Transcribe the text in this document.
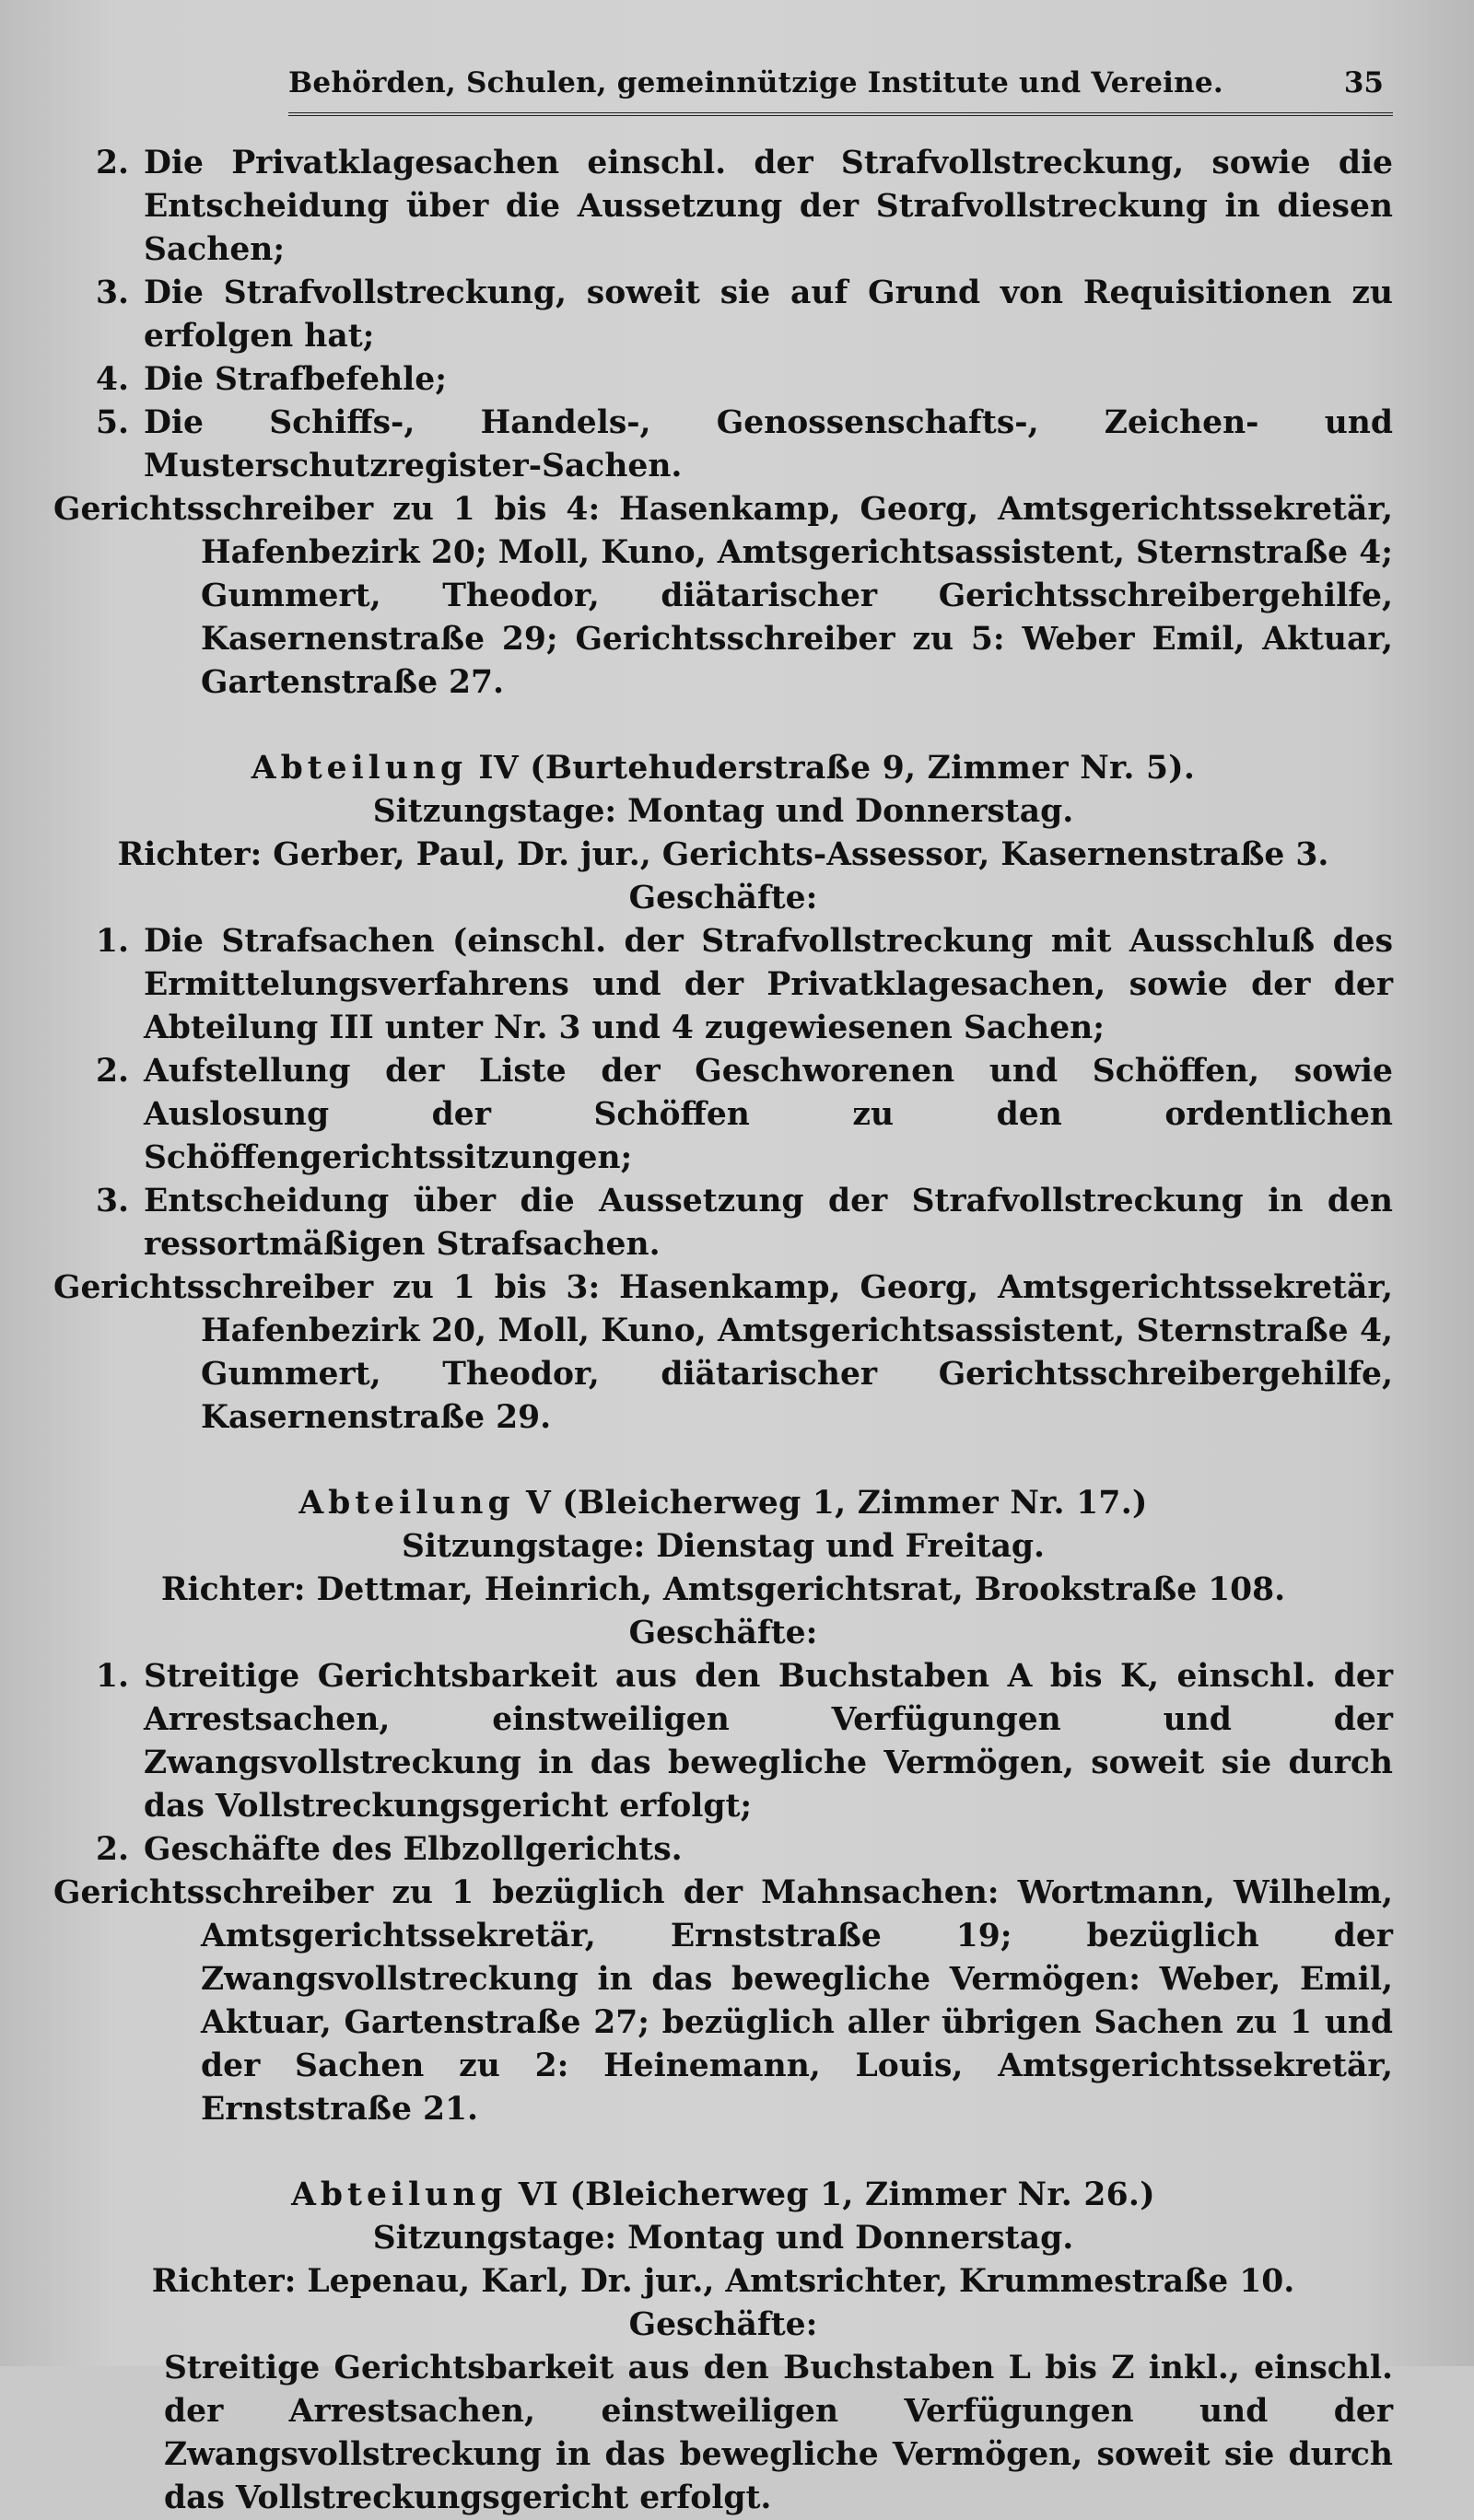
Behörden, Schulen, gemeinnützige Institute und Vereine.	35
2. Die Privatklagesachen einschl. der Strafvollstreckung, sowie die Entscheidung über die Aussetzung der Strafvollstreckung in diesen Sachen;
3. Die Strafvollstreckung, soweit sie auf Grund von Requisitionen zu erfolgen hat;
4. Die Strafbefehle;
5. Die Schiffs-, Handels-, Genossenschafts-, Zeichen- und Musterschutzregister-Sachen.
Gerichtsschreiber zu 1 bis 4: Hasenkamp, Georg, Amtsgerichtssekretär, Hafenbezirk 20; Moll, Kuno, Amtsgerichtsassistent, Sternstraße 4; Gummert, Theodor, diätarischer Gerichtsschreibergehilfe, Kasernenstraße 29; Gerichtsschreiber zu 5: Weber Emil, Aktuar, Gartenstraße 27.
Abteilung IV (Burtehuderstraße 9, Zimmer Nr. 5).
Sitzungstage: Montag und Donnerstag.
Richter: Gerber, Paul, Dr. jur., Gerichts-Assessor, Kasernenstraße 3.
Geschäfte:
1. Die Strafsachen (einschl. der Strafvollstreckung mit Ausschluß des Ermittelungsverfahrens und der Privatklagesachen, sowie der der Abteilung III unter Nr. 3 und 4 zugewiesenen Sachen;
2. Aufstellung der Liste der Geschworenen und Schöffen, sowie Auslosung der Schöffen zu den ordentlichen Schöffengerichtssitzungen;
3. Entscheidung über die Aussetzung der Strafvollstreckung in den ressortmäßigen Strafsachen.
Gerichtsschreiber zu 1 bis 3: Hasenkamp, Georg, Amtsgerichtssekretär, Hafenbezirk 20, Moll, Kuno, Amtsgerichtsassistent, Sternstraße 4, Gummert, Theodor, diätarischer Gerichtsschreibergehilfe, Kasernenstraße 29.
Abteilung V (Bleicherweg 1, Zimmer Nr. 17.)
Sitzungstage: Dienstag und Freitag.
Richter: Dettmar, Heinrich, Amtsgerichtsrat, Brookstraße 108.
Geschäfte:
1. Streitige Gerichtsbarkeit aus den Buchstaben A bis K, einschl. der Arrestsachen, einstweiligen Verfügungen und der Zwangsvollstreckung in das bewegliche Vermögen, soweit sie durch das Vollstreckungsgericht erfolgt;
2. Geschäfte des Elbzollgerichts.
Gerichtsschreiber zu 1 bezüglich der Mahnsachen: Wortmann, Wilhelm, Amtsgerichtssekretär, Ernststraße 19; bezüglich der Zwangsvollstreckung in das bewegliche Vermögen: Weber, Emil, Aktuar, Gartenstraße 27; bezüglich aller übrigen Sachen zu 1 und der Sachen zu 2: Heinemann, Louis, Amtsgerichtssekretär, Ernststraße 21.
Abteilung VI (Bleicherweg 1, Zimmer Nr. 26.)
Sitzungstage: Montag und Donnerstag.
Richter: Lepenau, Karl, Dr. jur., Amtsrichter, Krummestraße 10.
Geschäfte:
Streitige Gerichtsbarkeit aus den Buchstaben L bis Z inkl., einschl. der Arrestsachen, einstweiligen Verfügungen und der Zwangsvollstreckung in das bewegliche Vermögen, soweit sie durch das Vollstreckungsgericht erfolgt.
